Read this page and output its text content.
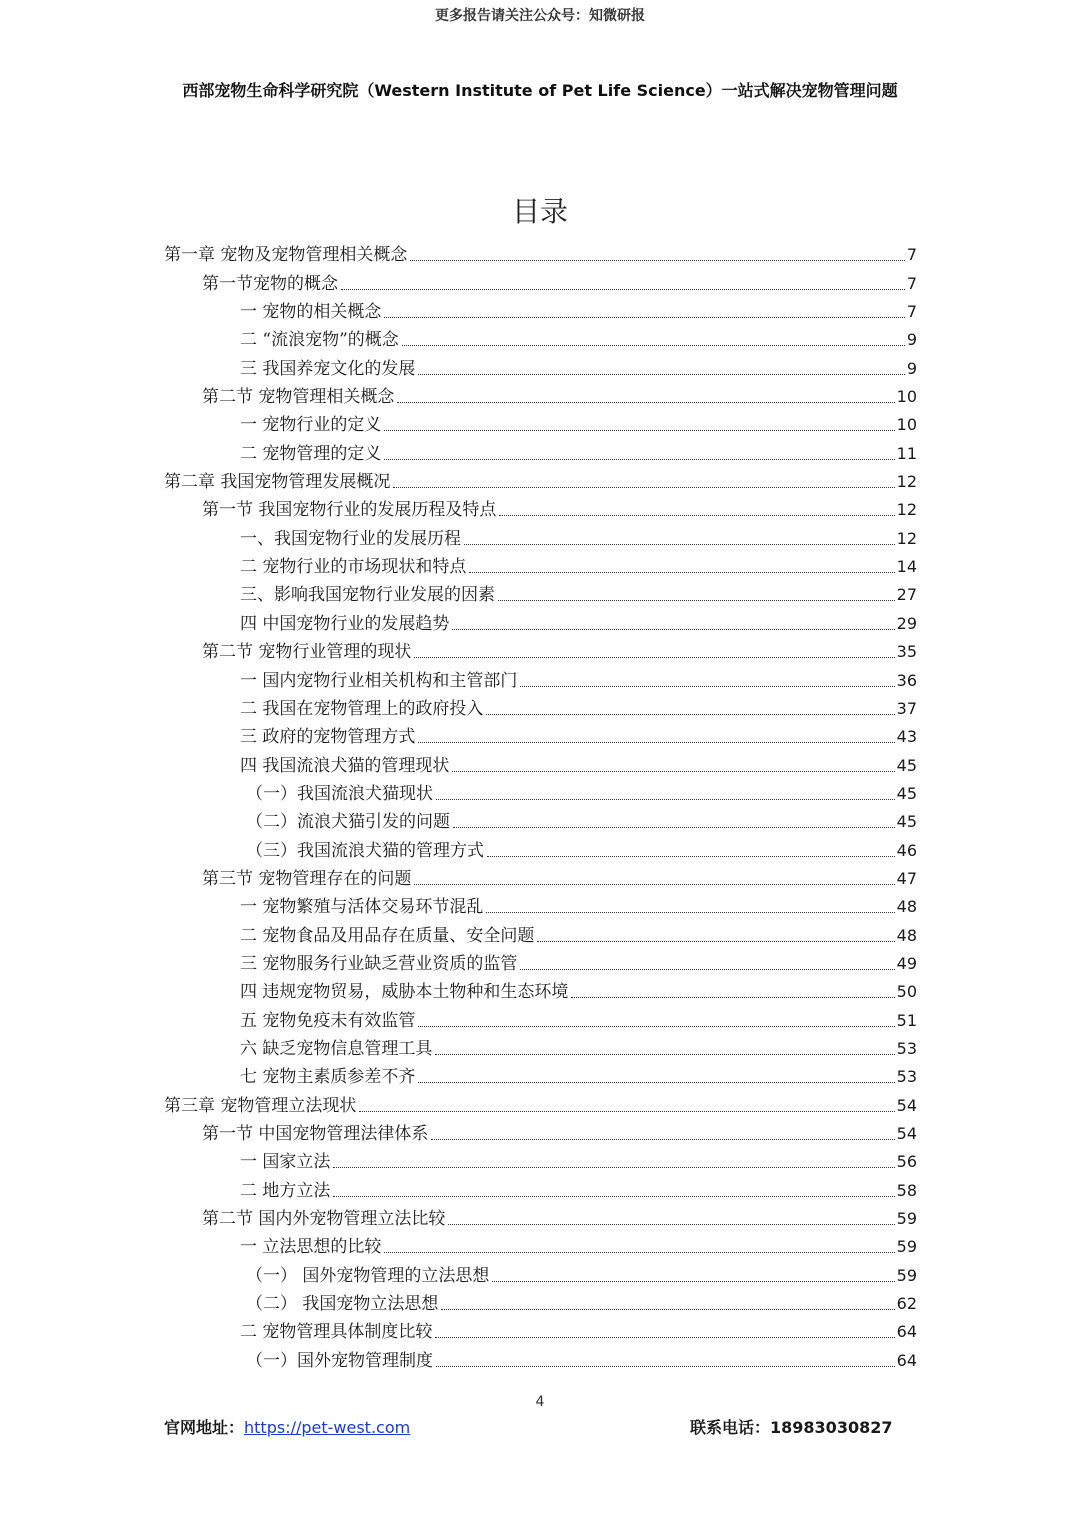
更多报告请关注公众号：知微研报
西部宠物生命科学研究院（Western Institute of Pet Life Science）一站式解决宠物管理问题
目录
第一章 宠物及宠物管理相关概念	7
第一节宠物的概念	7
一 宠物的相关概念	7
二 “流浪宠物”的概念	9
三 我国养宠文化的发展	9
第二节 宠物管理相关概念	10
一 宠物行业的定义	10
二 宠物管理的定义	11
第二章 我国宠物管理发展概况	12
第一节 我国宠物行业的发展历程及特点	12
一、我国宠物行业的发展历程	12
二 宠物行业的市场现状和特点	14
三、影响我国宠物行业发展的因素	27
四 中国宠物行业的发展趋势	29
第二节 宠物行业管理的现状	35
一 国内宠物行业相关机构和主管部门	36
二 我国在宠物管理上的政府投入	37
三 政府的宠物管理方式	43
四 我国流浪犬猫的管理现状	45
（一）我国流浪犬猫现状	45
（二）流浪犬猫引发的问题	45
（三）我国流浪犬猫的管理方式	46
第三节 宠物管理存在的问题	47
一 宠物繁殖与活体交易环节混乱	48
二 宠物食品及用品存在质量、安全问题	48
三 宠物服务行业缺乏营业资质的监管	49
四 违规宠物贸易，威胁本土物种和生态环境	50
五 宠物免疫未有效监管	51
六 缺乏宠物信息管理工具	53
七 宠物主素质参差不齐	53
第三章 宠物管理立法现状	54
第一节 中国宠物管理法律体系	54
一 国家立法	56
二 地方立法	58
第二节 国内外宠物管理立法比较	59
一 立法思想的比较	59
（一） 国外宠物管理的立法思想	59
（二） 我国宠物立法思想	62
二 宠物管理具体制度比较	64
（一）国外宠物管理制度	64
4
官网地址：https://pet-west.com	联系电话：18983030827
